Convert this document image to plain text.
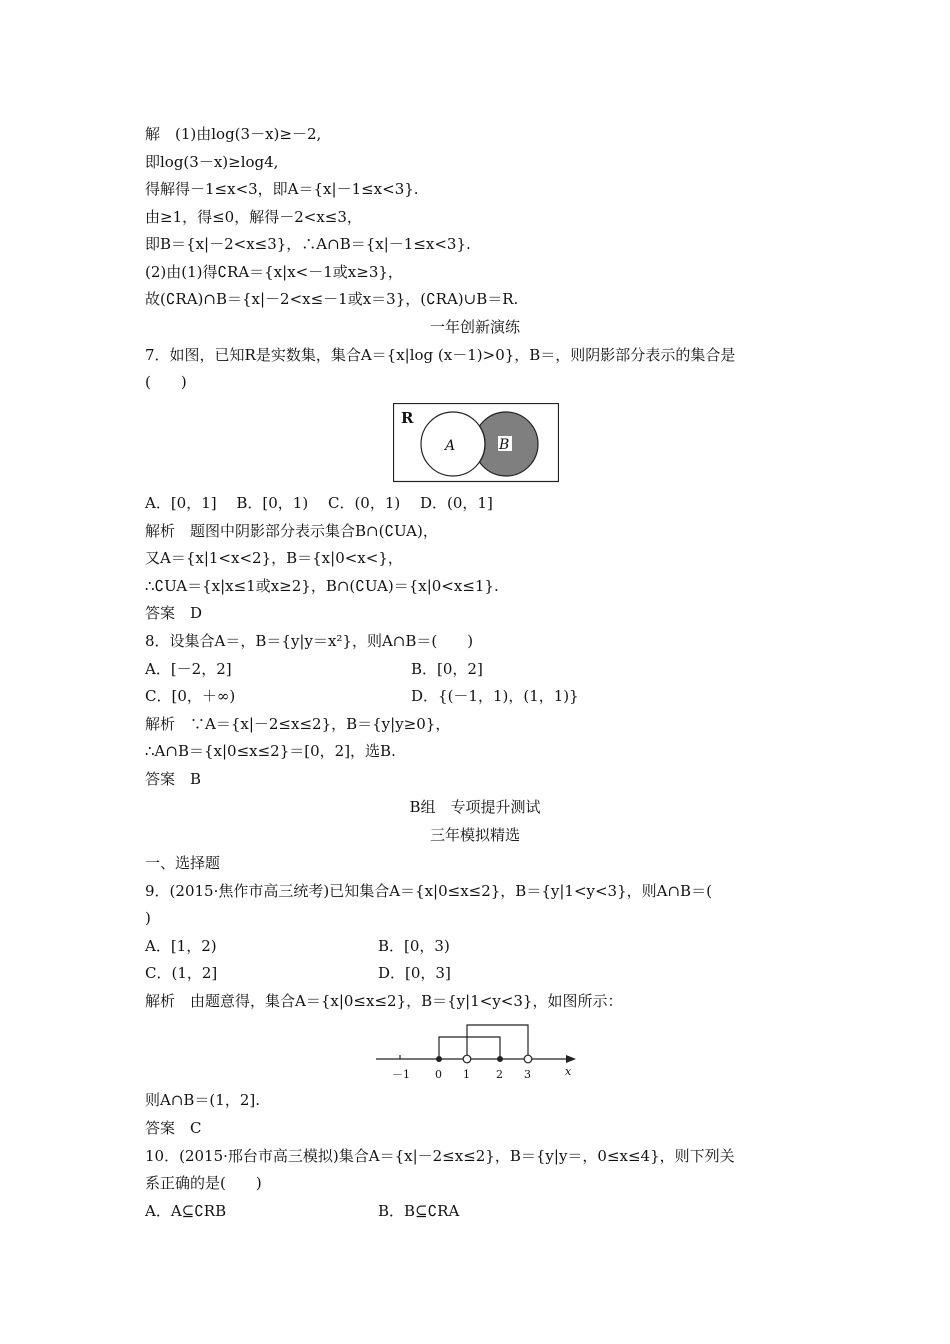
解　(1)由log(3－x)≥－2,
即log(3－x)≥log4,
得解得－1≤x<3，即A＝{x|－1≤x<3}.
由≥1，得≤0，解得－2<x≤3，
即B＝{x|－2<x≤3}，∴A∩B＝{x|－1≤x<3}.
(2)由(1)得∁RA＝{x|x<－1或x≥3}，
故(∁RA)∩B＝{x|－2<x≤－1或x＝3}，(∁RA)∪B＝R.
一年创新演练
7．如图，已知R是实数集，集合A＝{x|log (x－1)>0}，B＝，则阴影部分表示的集合是
(　　)
R
A	B
A．[0，1]　 B．[0，1)　 C．(0，1)　 D．(0，1]
解析　题图中阴影部分表示集合B∩(∁UA)，
又A＝{x|1<x<2}，B＝{x|0<x<}，
∴∁UA＝{x|x≤1或x≥2}，B∩(∁UA)＝{x|0<x≤1}.
答案　D
8．设集合A＝，B＝{y|y＝x²}，则A∩B＝(　　)
A．[－2，2]	B．[0，2]
C．[0，＋∞)	D．{(－1，1)，(1，1)}
解析　∵A＝{x|－2≤x≤2}，B＝{y|y≥0}，
∴A∩B＝{x|0≤x≤2}＝[0，2]，选B.
答案　B
B组　专项提升测试
三年模拟精选
一、选择题
9．(2015·焦作市高三统考)已知集合A＝{x|0≤x≤2}，B＝{y|1<y<3}，则A∩B＝(
)
A．[1，2)	B．[0，3)
C．(1，2]	D．[0，3]
解析　由题意得，集合A＝{x|0≤x≤2}，B＝{y|1<y<3}，如图所示：
－1 0 1 2 3	x
则A∩B＝(1，2].
答案　C
10．(2015·邢台市高三模拟)集合A＝{x|－2≤x≤2}，B＝{y|y＝，0≤x≤4}，则下列关
系正确的是(　　)
A．A⊆∁RB	B．B⊆∁RA
